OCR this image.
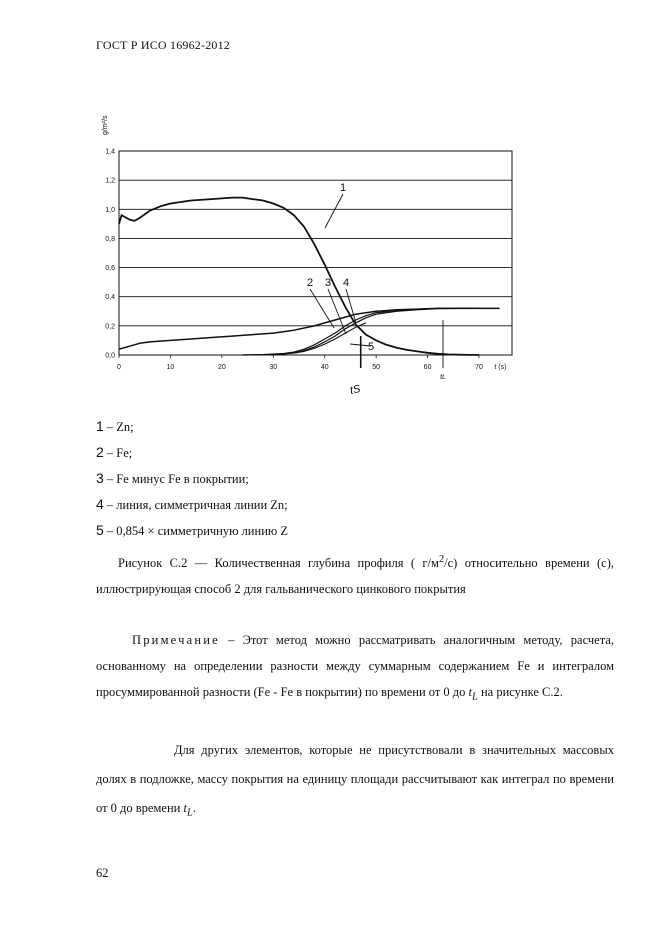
ГОСТ Р ИСО 16962-2012
0,0
0,2
0,4
0,6
0,8
1,0
1,2
1,4
0	10	20	30	40	50	60	70
g/m²/s
t (s)
1
2 3 4
5
tS
tL
1 – Zn;
2 – Fe;
3 – Fe минус Fe в покрытии;
4 – линия, симметричная линии Zn;
5 – 0,854 × симметричную линию Z
Рисунок С.2 — Количественная глубина профиля ( $г/м^2/с$) относительно времени (с), иллюстрирующая способ 2 для гальванического цинкового покрытия
Примечание – Этот метод можно рассматривать аналогичным методу, расчета, основанному на определении разности между суммарным содержанием Fe и интегралом просуммированной разности (Fe - Fe в покрытии) по времени от 0 до $t_L$ на рисунке С.2.
Для других элементов, которые не присутствовали в значительных массовых долях в подложке, массу покрытия на единицу площади рассчитывают как интеграл по времени от 0 до времени $t_L$.
62
